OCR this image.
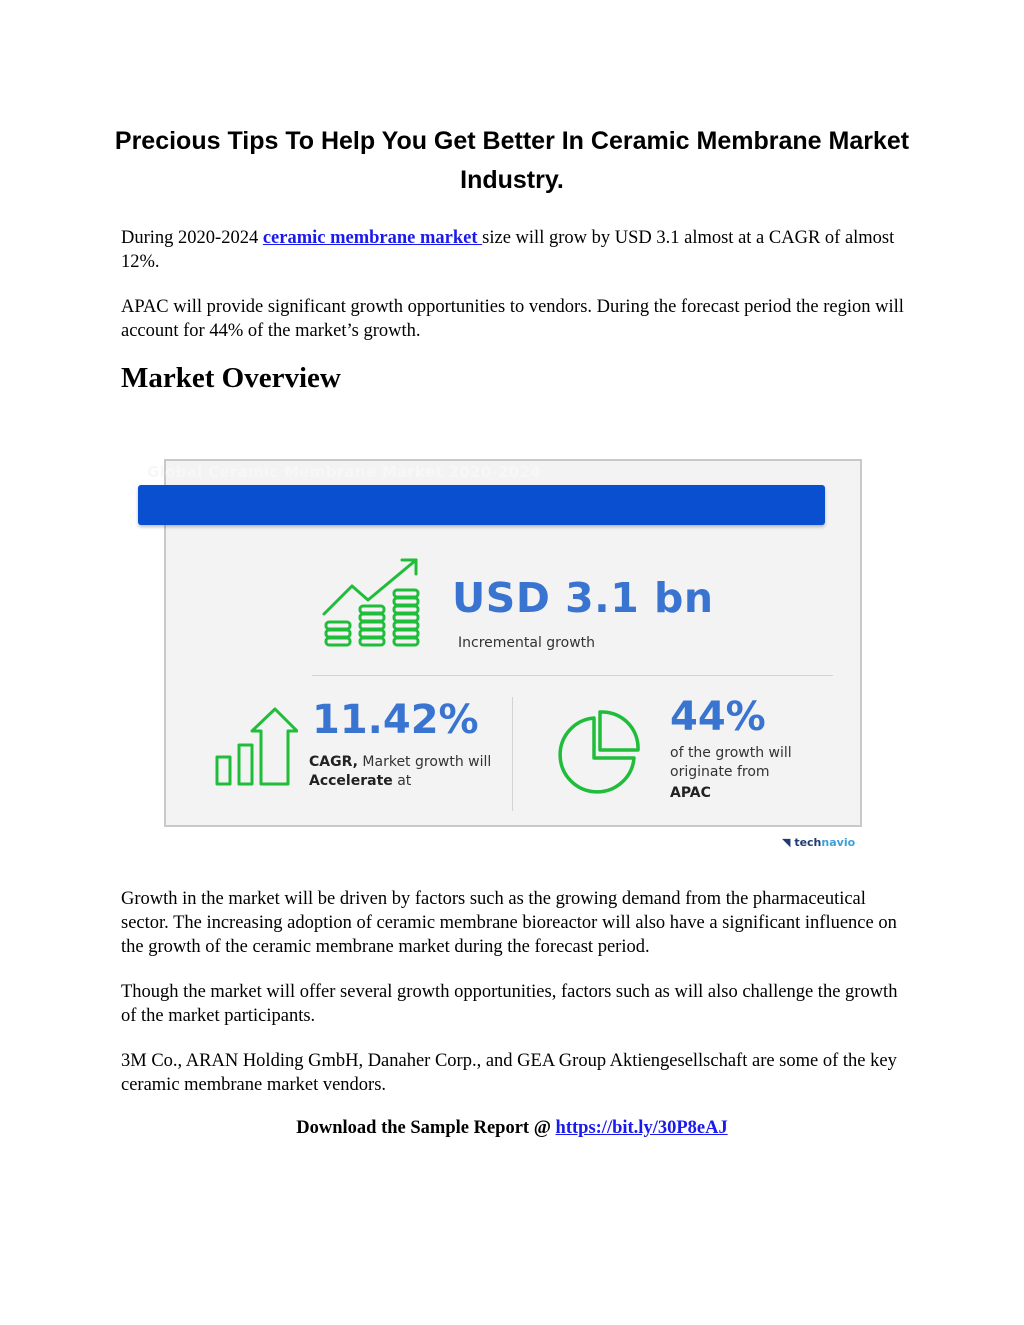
Precious Tips To Help You Get Better In Ceramic Membrane Market Industry.
During 2020-2024 ceramic membrane market size will grow by USD 3.1 almost at a CAGR of almost 12%.
APAC will provide significant growth opportunities to vendors. During the forecast period the region will account for 44% of the market’s growth.
Market Overview
Global Ceramic Membrane Market 2020-2024
USD 3.1 bn
Incremental growth
11.42%
CAGR, Market growth will Accelerate at
44%
of the growth will originate from
APAC
◥ technavio
Growth in the market will be driven by factors such as the growing demand from the pharmaceutical sector. The increasing adoption of ceramic membrane bioreactor will also have a significant influence on the growth of the ceramic membrane market during the forecast period.
Though the market will offer several growth opportunities, factors such as will also challenge the growth of the market participants.
3M Co., ARAN Holding GmbH, Danaher Corp., and GEA Group Aktiengesellschaft are some of the key ceramic membrane market vendors.
Download the Sample Report @ https://bit.ly/30P8eAJ
